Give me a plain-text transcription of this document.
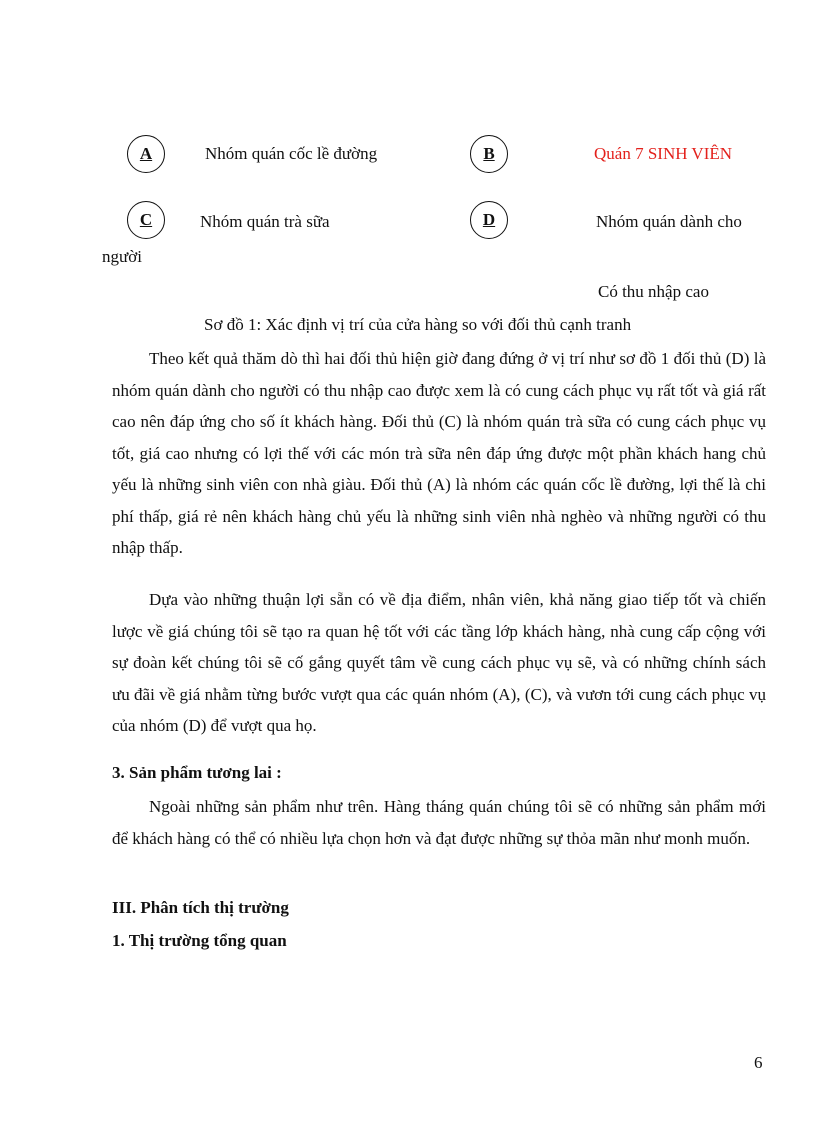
A	Nhóm quán cốc lề đường	B	Quán 7 SINH VIÊN
C	Nhóm quán trà sữa	D	Nhóm quán dành cho
người
Có thu nhập cao
Sơ đồ 1: Xác định vị trí của cửa hàng so với đối thủ cạnh tranh
Theo kết quả thăm dò thì hai đối thủ hiện giờ đang đứng ở vị trí như sơ đồ 1 đối thủ (D) là nhóm quán dành cho người có thu nhập cao được xem là có cung cách phục vụ rất tốt và giá rất cao nên đáp ứng cho số ít khách hàng. Đối thủ (C) là nhóm quán trà sữa có cung cách phục vụ tốt, giá cao nhưng có lợi thế với các món trà sữa nên đáp ứng được một phần khách hang chủ yếu là những sinh viên con nhà giàu. Đối thủ (A) là nhóm các quán cốc lề đường, lợi thế là chi phí thấp, giá rẻ nên khách hàng chủ yếu là những sinh viên nhà nghèo và những người có thu nhập thấp.
Dựa vào những thuận lợi sẵn có về địa điểm, nhân viên, khả năng giao tiếp tốt và chiến lược về giá chúng tôi sẽ tạo ra quan hệ tốt với các tầng lớp khách hàng, nhà cung cấp cộng với sự đoàn kết chúng tôi sẽ cố gắng quyết tâm về cung cách phục vụ sẽ, và có những chính sách ưu đãi về giá nhằm từng bước vượt qua các quán nhóm (A), (C), và vươn tới cung cách phục vụ của nhóm (D) để vượt qua họ.
3. Sản phẩm tương lai :
Ngoài những sản phẩm như trên. Hàng tháng quán chúng tôi sẽ có những sản phẩm mới để khách hàng có thể có nhiều lựa chọn hơn và đạt được những sự thỏa mãn như monh muốn.
III. Phân tích thị trường
1. Thị trường tổng quan
6
